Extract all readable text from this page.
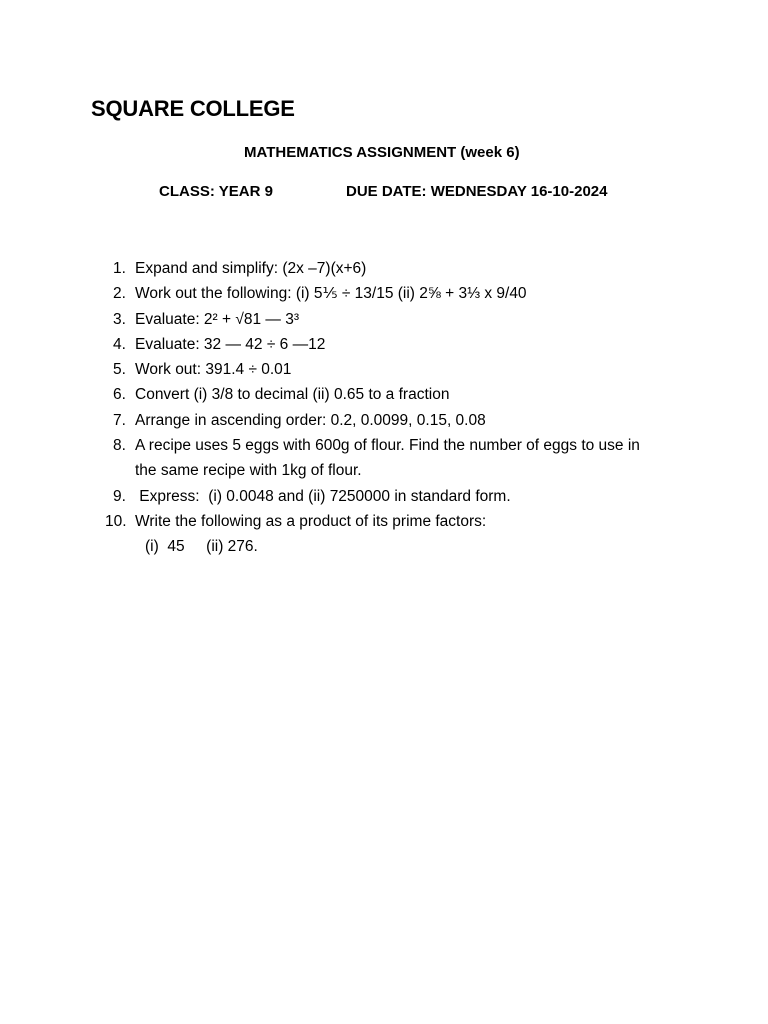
SQUARE COLLEGE
MATHEMATICS ASSIGNMENT (week 6)
CLASS: YEAR 9	DUE DATE: WEDNESDAY 16-10-2024
1. Expand and simplify: (2x –7)(x+6)
2. Work out the following: (i) 5⅕ ÷ 13/15 (ii) 2⅝ + 3⅓ x 9/40
3. Evaluate: 2² + √81 — 3³
4. Evaluate: 32 — 42 ÷ 6 —12
5. Work out: 391.4 ÷ 0.01
6. Convert (i) 3/8 to decimal (ii) 0.65 to a fraction
7. Arrange in ascending order: 0.2, 0.0099, 0.15, 0.08
8. A recipe uses 5 eggs with 600g of flour. Find the number of eggs to use in
the same recipe with 1kg of flour.
9. Express:  (i) 0.0048 and (ii) 7250000 in standard form.
10. Write the following as a product of its prime factors:
(i)  45     (ii) 276.
